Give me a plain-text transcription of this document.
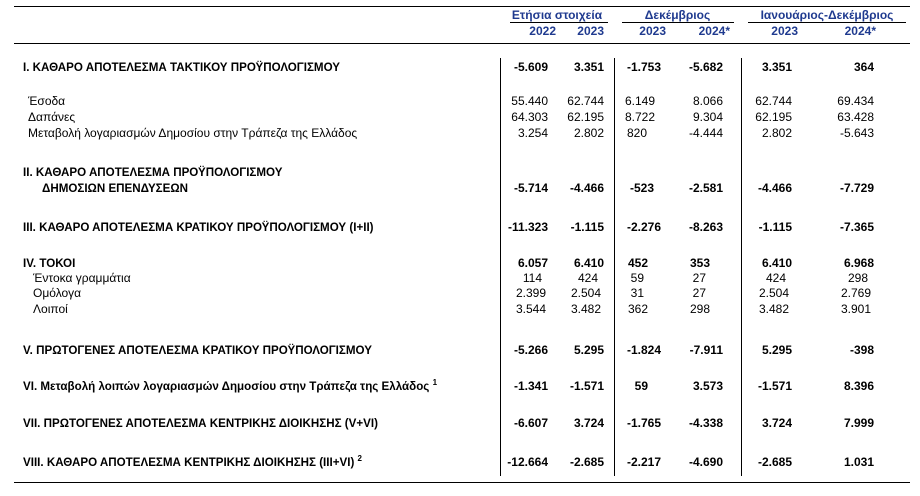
Ετήσια στοιχεία	Δεκέμβριος	Ιανουάριος-Δεκέμβριος
2022	2023	2023	2024*	2023	2024*
I. ΚΑΘΑΡΟ ΑΠΟΤΕΛΕΣΜΑ ΤΑΚΤΙΚΟΥ ΠΡΟΫΠΟΛΟΓΙΣΜΟΥ	-5.609	3.351	-1.753	-5.682	3.351	364
Έσοδα	55.440	62.744	6.149	8.066	62.744	69.434
Δαπάνες	64.303	62.195	8.722	9.304	62.195	63.428
Μεταβολή λογαριασμών Δημοσίου στην Τράπεζα της Ελλάδος	3.254	2.802	820	-4.444	2.802	-5.643
II. ΚΑΘΑΡΟ ΑΠΟΤΕΛΕΣΜΑ ΠΡΟΫΠΟΛΟΓΙΣΜΟΥ
ΔΗΜΟΣΙΩΝ ΕΠΕΝΔΥΣΕΩΝ	-5.714	-4.466	-523	-2.581	-4.466	-7.729
III. ΚΑΘΑΡΟ ΑΠΟΤΕΛΕΣΜΑ ΚΡΑΤΙΚΟΥ ΠΡΟΫΠΟΛΟΓΙΣΜΟΥ (I+II)	-11.323	-1.115	-2.276	-8.263	-1.115	-7.365
IV. ΤΟΚΟΙ	6.057	6.410	452	353	6.410	6.968
Έντοκα γραμμάτια	114	424	59	27	424	298
Ομόλογα	2.399	2.504	31	27	2.504	2.769
Λοιποί	3.544	3.482	362	298	3.482	3.901
V. ΠΡΩΤΟΓΕΝΕΣ ΑΠΟΤΕΛΕΣΜΑ ΚΡΑΤΙΚΟΥ ΠΡΟΫΠΟΛΟΓΙΣΜΟΥ	-5.266	5.295	-1.824	-7.911	5.295	-398
VI. Μεταβολή λοιπών λογαριασμών Δημοσίου στην Τράπεζα της Ελλάδος $^1$	-1.341	-1.571	59	3.573	-1.571	8.396
VII. ΠΡΩΤΟΓΕΝΕΣ ΑΠΟΤΕΛΕΣΜΑ ΚΕΝΤΡΙΚΗΣ ΔΙΟΙΚΗΣΗΣ (V+VI)	-6.607	3.724	-1.765	-4.338	3.724	7.999
VIII. ΚΑΘΑΡΟ ΑΠΟΤΕΛΕΣΜΑ ΚΕΝΤΡΙΚΗΣ ΔΙΟΙΚΗΣΗΣ (III+VI) $^2$	-12.664	-2.685	-2.217	-4.690	-2.685	1.031
